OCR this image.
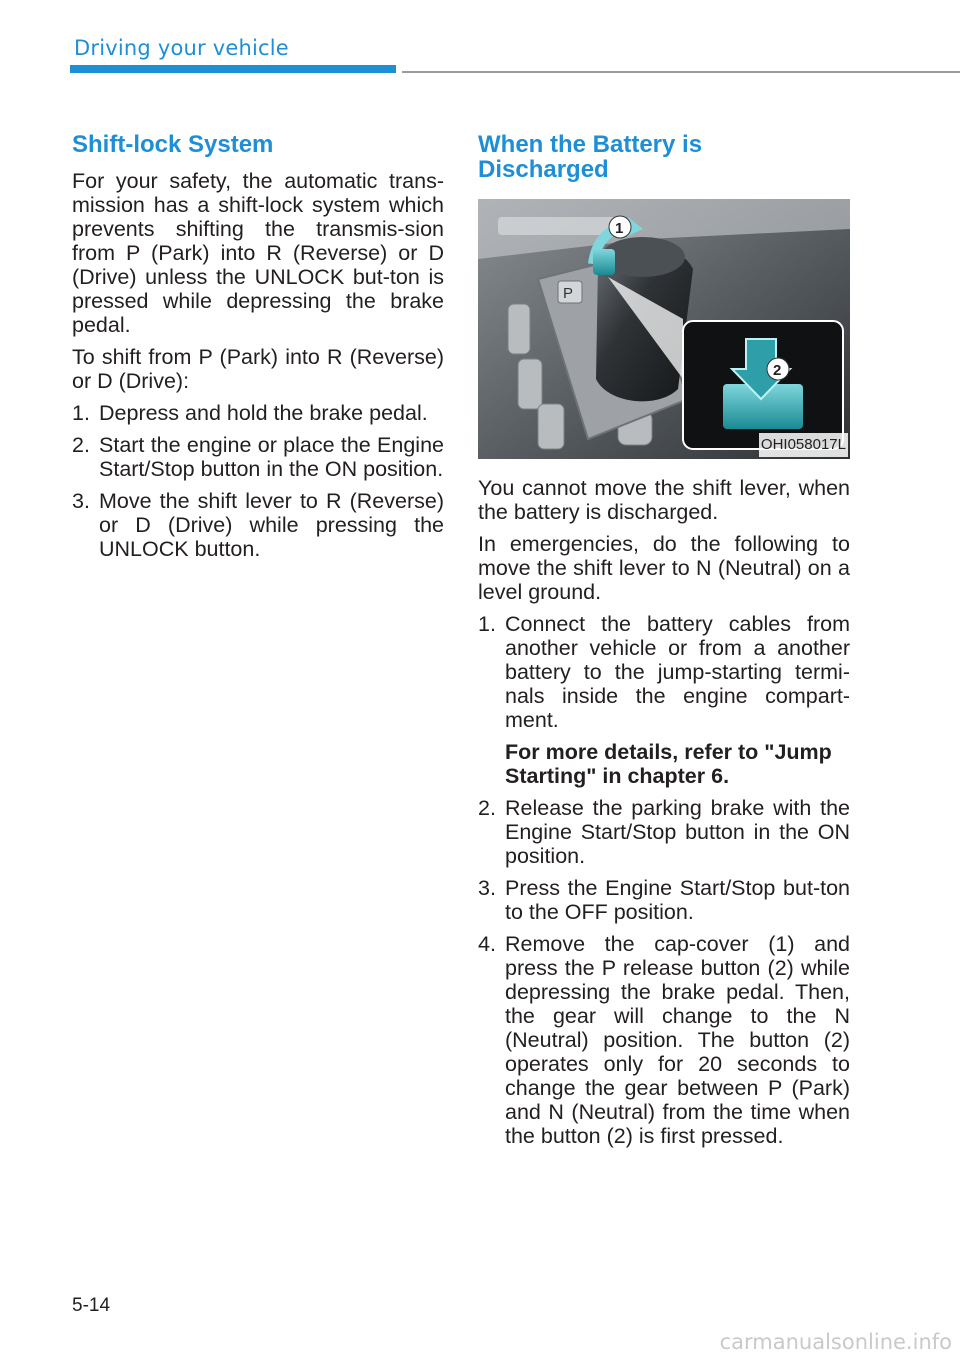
Driving your vehicle
Shift-lock System

For your safety, the automatic trans-mission has a shift-lock system which prevents shifting the transmis-sion from P (Park) into R (Reverse) or D (Drive) unless the UNLOCK but-ton is pressed while depressing the brake pedal.

To shift from P (Park) into R (Reverse) or D (Drive):

1. Depress and hold the brake pedal.
2. Start the engine or place the Engine Start/Stop button in the ON position.
3. Move the shift lever to R (Reverse) or D (Drive) while pressing the UNLOCK button.
When the Battery is
Discharged
P
1
2
OHI058017L

You cannot move the shift lever, when the battery is discharged.

In emergencies, do the following to move the shift lever to N (Neutral) on a level ground.

1. Connect the battery cables from another vehicle or from a another battery to the jump-starting termi-nals inside the engine compart-ment.
For more details, refer to "Jump Starting" in chapter 6.
2. Release the parking brake with the Engine Start/Stop button in the ON position.
3. Press the Engine Start/Stop but-ton to the OFF position.
4. Remove the cap-cover (1) and press the P release button (2) while depressing the brake pedal. Then, the gear will change to the N (Neutral) position. The button (2) operates only for 20 seconds to change the gear between P (Park) and N (Neutral) from the time when the button (2) is first pressed.
5-14
carmanualsonline.info
